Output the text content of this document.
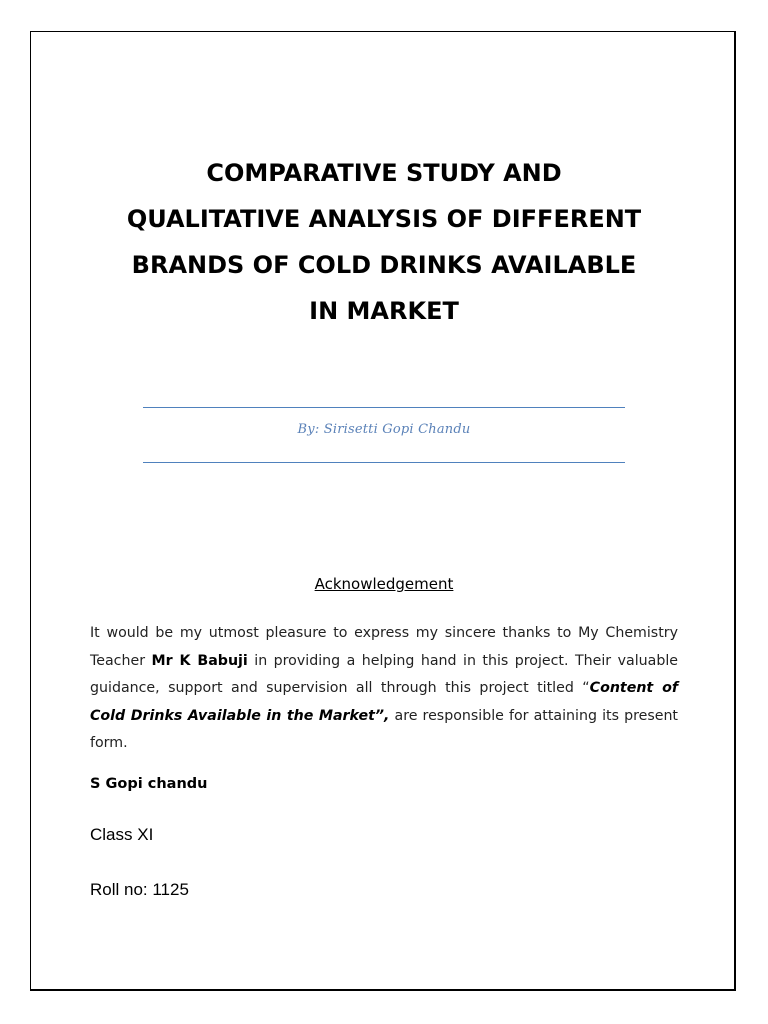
COMPARATIVE STUDY AND
QUALITATIVE ANALYSIS OF DIFFERENT
BRANDS OF COLD DRINKS AVAILABLE
IN MARKET
By: Sirisetti Gopi Chandu
Acknowledgement

It would be my utmost pleasure to express my sincere thanks to My Chemistry Teacher Mr K Babuji in providing a helping hand in this project. Their valuable guidance, support and supervision all through this project titled “Content of Cold Drinks Available in the Market”, are responsible for attaining its present form.

S Gopi chandu
Class XI
Roll no: 1125
